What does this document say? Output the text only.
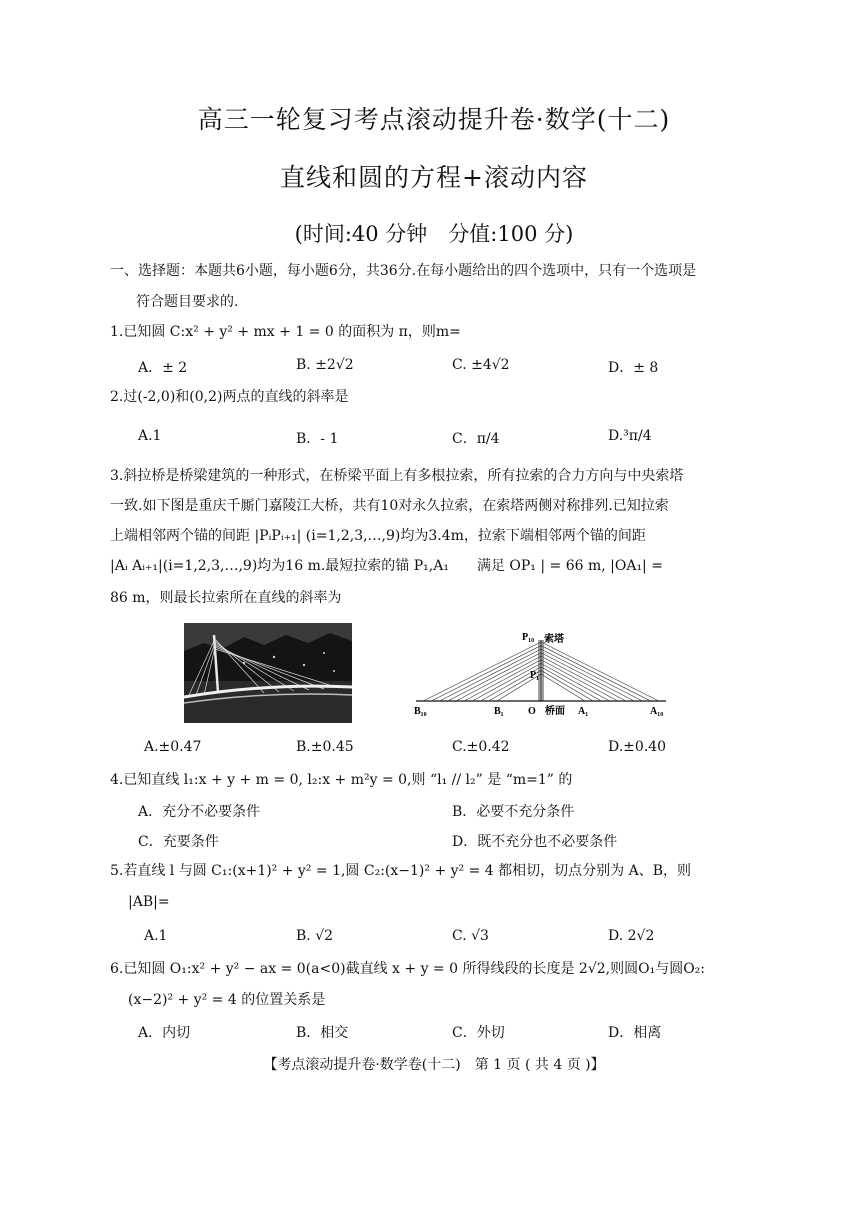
高三一轮复习考点滚动提升卷·数学(十二)
直线和圆的方程+滚动内容
(时间:40 分钟　分值:100 分)
一、选择题：本题共6小题，每小题6分，共36分.在每小题给出的四个选项中，只有一个选项是
符合题目要求的.
1.已知圆 C:x² + y² + mx + 1 = 0 的面积为 π，则m=
A．± 2	B. ±2√2	C. ±4√2	D．± 8
2.过(-2,0)和(0,2)两点的直线的斜率是
A.1	B．- 1	C．π/4	D.³π/4
3.斜拉桥是桥梁建筑的一种形式，在桥梁平面上有多根拉索，所有拉索的合力方向与中央索塔
一致.如下图是重庆千厮门嘉陵江大桥，共有10对永久拉索，在索塔两侧对称排列.已知拉索
上端相邻两个锚的间距 |PᵢPᵢ₊₁| (i=1,2,3,…,9)均为3.4m，拉索下端相邻两个锚的间距
|Aᵢ Aᵢ₊₁|(i=1,2,3,…,9)均为16 m.最短拉索的锚 P₁,A₁　　满足 OP₁ | = 66 m, |OA₁| =
86 m，则最长拉索所在直线的斜率为
P₁₀ 索塔
P₁
B₁₀	B₁ O 桥面 A₁	A₁₀
A.±0.47	B.±0.45	C.±0.42	D.±0.40
4.已知直线 l₁:x + y + m = 0, l₂:x + m²y = 0,则 “l₁ // l₂” 是 “m=1” 的
A．充分不必要条件	B．必要不充分条件
C．充要条件	D．既不充分也不必要条件
5.若直线 l 与圆 C₁:(x+1)² + y² = 1,圆 C₂:(x−1)² + y² = 4 都相切，切点分别为 A、B，则
|AB|=
A.1	B. √2	C. √3	D. 2√2
6.已知圆 O₁:x² + y² − ax = 0(a<0)截直线 x + y = 0 所得线段的长度是 2√2,则圆O₁与圆O₂:
(x−2)² + y² = 4 的位置关系是
A．内切	B．相交	C．外切	D．相离
【考点滚动提升卷·数学卷(十二)　第 1 页 ( 共 4 页 )】
